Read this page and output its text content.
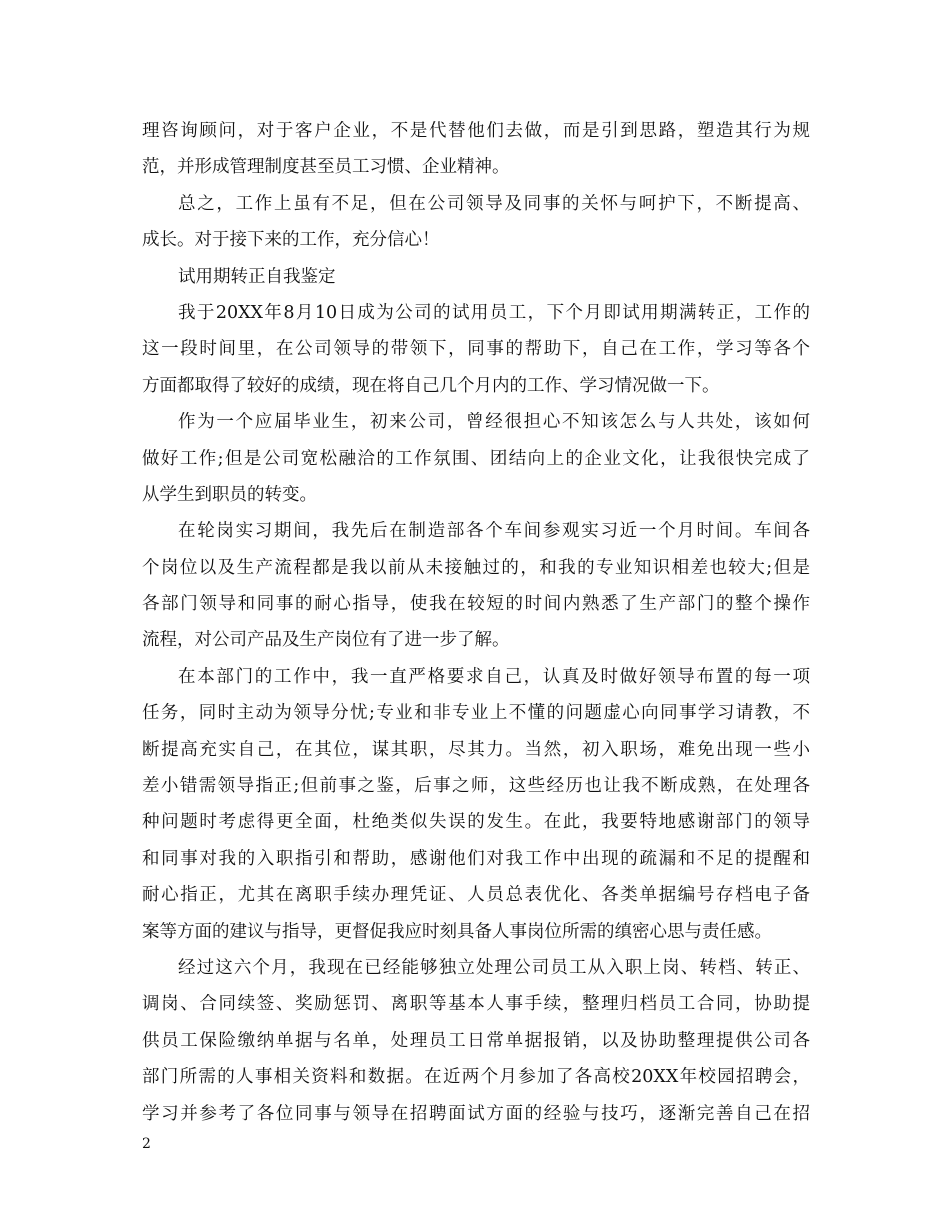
理咨询顾问，对于客户企业，不是代替他们去做，而是引到思路，塑造其行为规
范，并形成管理制度甚至员工习惯、企业精神。
总之，工作上虽有不足，但在公司领导及同事的关怀与呵护下，不断提高、
成长。对于接下来的工作，充分信心！
试用期转正自我鉴定
我于20XX年8月10日成为公司的试用员工，下个月即试用期满转正，工作的
这一段时间里，在公司领导的带领下，同事的帮助下，自己在工作，学习等各个
方面都取得了较好的成绩，现在将自己几个月内的工作、学习情况做一下。
作为一个应届毕业生，初来公司，曾经很担心不知该怎么与人共处，该如何
做好工作;但是公司宽松融洽的工作氛围、团结向上的企业文化，让我很快完成了
从学生到职员的转变。
在轮岗实习期间，我先后在制造部各个车间参观实习近一个月时间。车间各
个岗位以及生产流程都是我以前从未接触过的，和我的专业知识相差也较大;但是
各部门领导和同事的耐心指导，使我在较短的时间内熟悉了生产部门的整个操作
流程，对公司产品及生产岗位有了进一步了解。
在本部门的工作中，我一直严格要求自己，认真及时做好领导布置的每一项
任务，同时主动为领导分忧;专业和非专业上不懂的问题虚心向同事学习请教，不
断提高充实自己，在其位，谋其职，尽其力。当然，初入职场，难免出现一些小
差小错需领导指正;但前事之鉴，后事之师，这些经历也让我不断成熟，在处理各
种问题时考虑得更全面，杜绝类似失误的发生。在此，我要特地感谢部门的领导
和同事对我的入职指引和帮助，感谢他们对我工作中出现的疏漏和不足的提醒和
耐心指正，尤其在离职手续办理凭证、人员总表优化、各类单据编号存档电子备
案等方面的建议与指导，更督促我应时刻具备人事岗位所需的缜密心思与责任感。
经过这六个月，我现在已经能够独立处理公司员工从入职上岗、转档、转正、
调岗、合同续签、奖励惩罚、离职等基本人事手续，整理归档员工合同，协助提
供员工保险缴纳单据与名单，处理员工日常单据报销，以及协助整理提供公司各
部门所需的人事相关资料和数据。在近两个月参加了各高校20XX年校园招聘会，
学习并参考了各位同事与领导在招聘面试方面的经验与技巧，逐渐完善自己在招
2
